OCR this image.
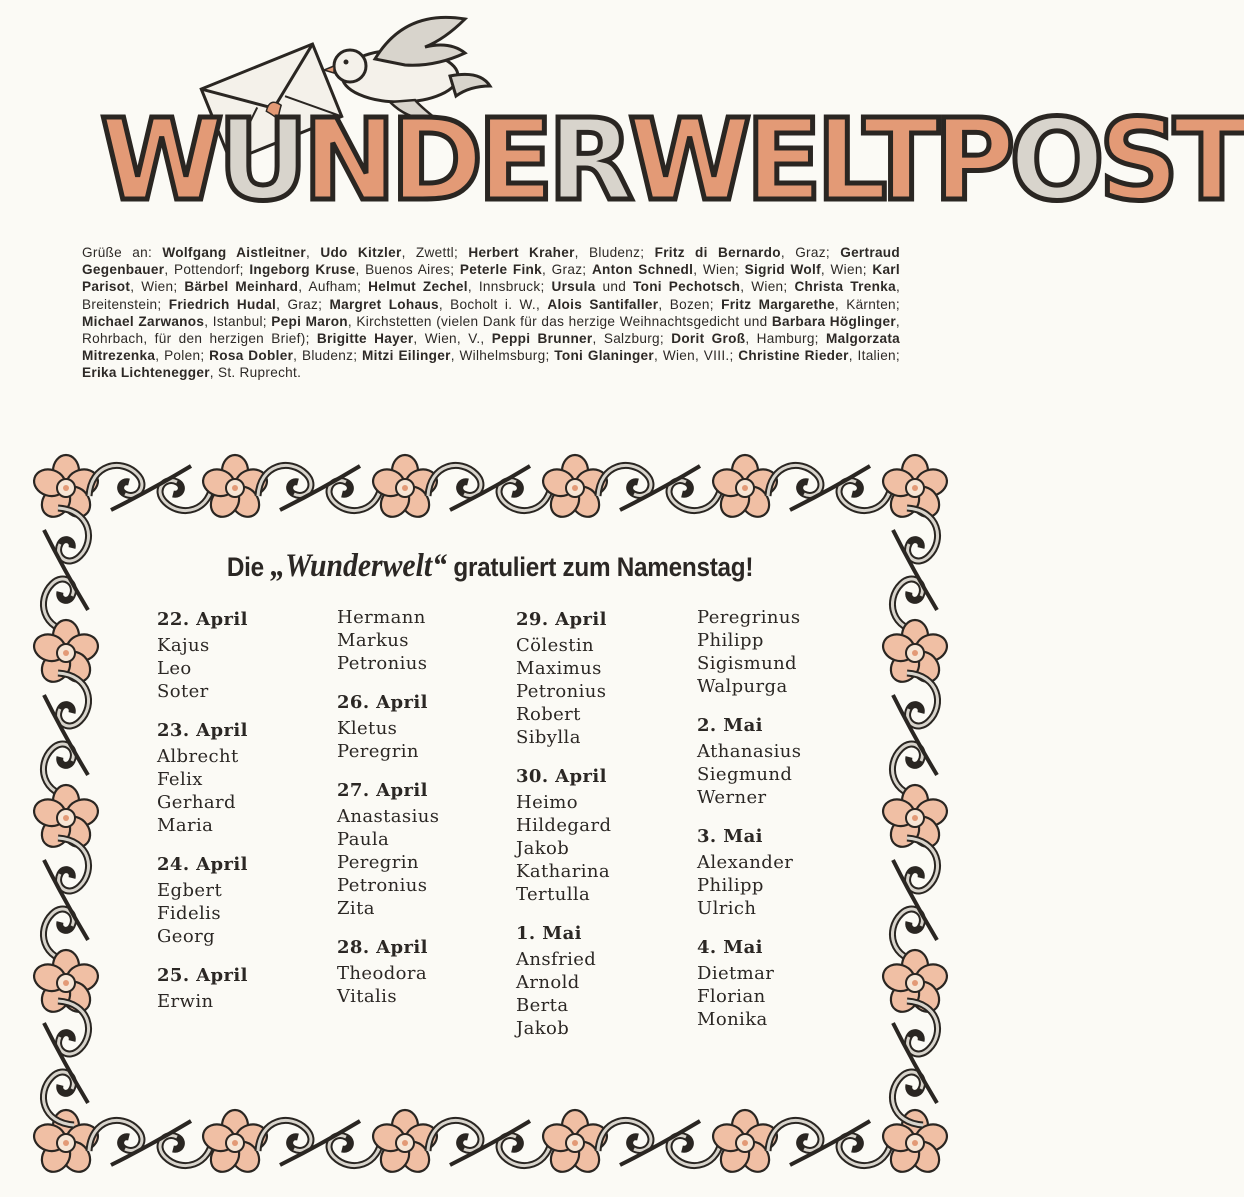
WUNDERWELTPOST
Grüße an: Wolfgang Aistleitner, Udo Kitzler, Zwettl; Herbert Kraher, Bludenz; Fritz di Bernardo, Graz; Gertraud Gegenbauer, Pottendorf; Ingeborg Kruse, Buenos Aires; Peterle Fink, Graz; Anton Schnedl, Wien; Sigrid Wolf, Wien; Karl Parisot, Wien; Bärbel Meinhard, Aufham; Helmut Zechel, Innsbruck; Ursula und Toni Pechotsch, Wien; Christa Trenka, Breitenstein; Friedrich Hudal, Graz; Margret Lohaus, Bocholt i. W., Alois Santifaller, Bozen; Fritz Margarethe, Kärnten; Michael Zarwanos, Istanbul; Pepi Maron, Kirchstetten (vielen Dank für das herzige Weihnachtsgedicht und Barbara Höglinger, Rohrbach, für den herzigen Brief); Brigitte Hayer, Wien, V., Peppi Brunner, Salzburg; Dorit Groß, Hamburg; Malgorzata Mitrezenka, Polen; Rosa Dobler, Bludenz; Mitzi Eilinger, Wilhelmsburg; Toni Glaninger, Wien, VIII.; Christine Rieder, Italien; Erika Lichtenegger, St. Ruprecht.
Die „Wunderwelt“ gratuliert zum Namenstag!
22. April
Kajus
Leo
Soter
23. April
Albrecht
Felix
Gerhard
Maria
24. April
Egbert
Fidelis
Georg
25. April
Erwin
Hermann
Markus
Petronius
26. April
Kletus
Peregrin
27. April
Anastasius
Paula
Peregrin
Petronius
Zita
28. April
Theodora
Vitalis
29. April
Cölestin
Maximus
Petronius
Robert
Sibylla
30. April
Heimo
Hildegard
Jakob
Katharina
Tertulla
1. Mai
Ansfried
Arnold
Berta
Jakob
Peregrinus
Philipp
Sigismund
Walpurga
2. Mai
Athanasius
Siegmund
Werner
3. Mai
Alexander
Philipp
Ulrich
4. Mai
Dietmar
Florian
Monika
